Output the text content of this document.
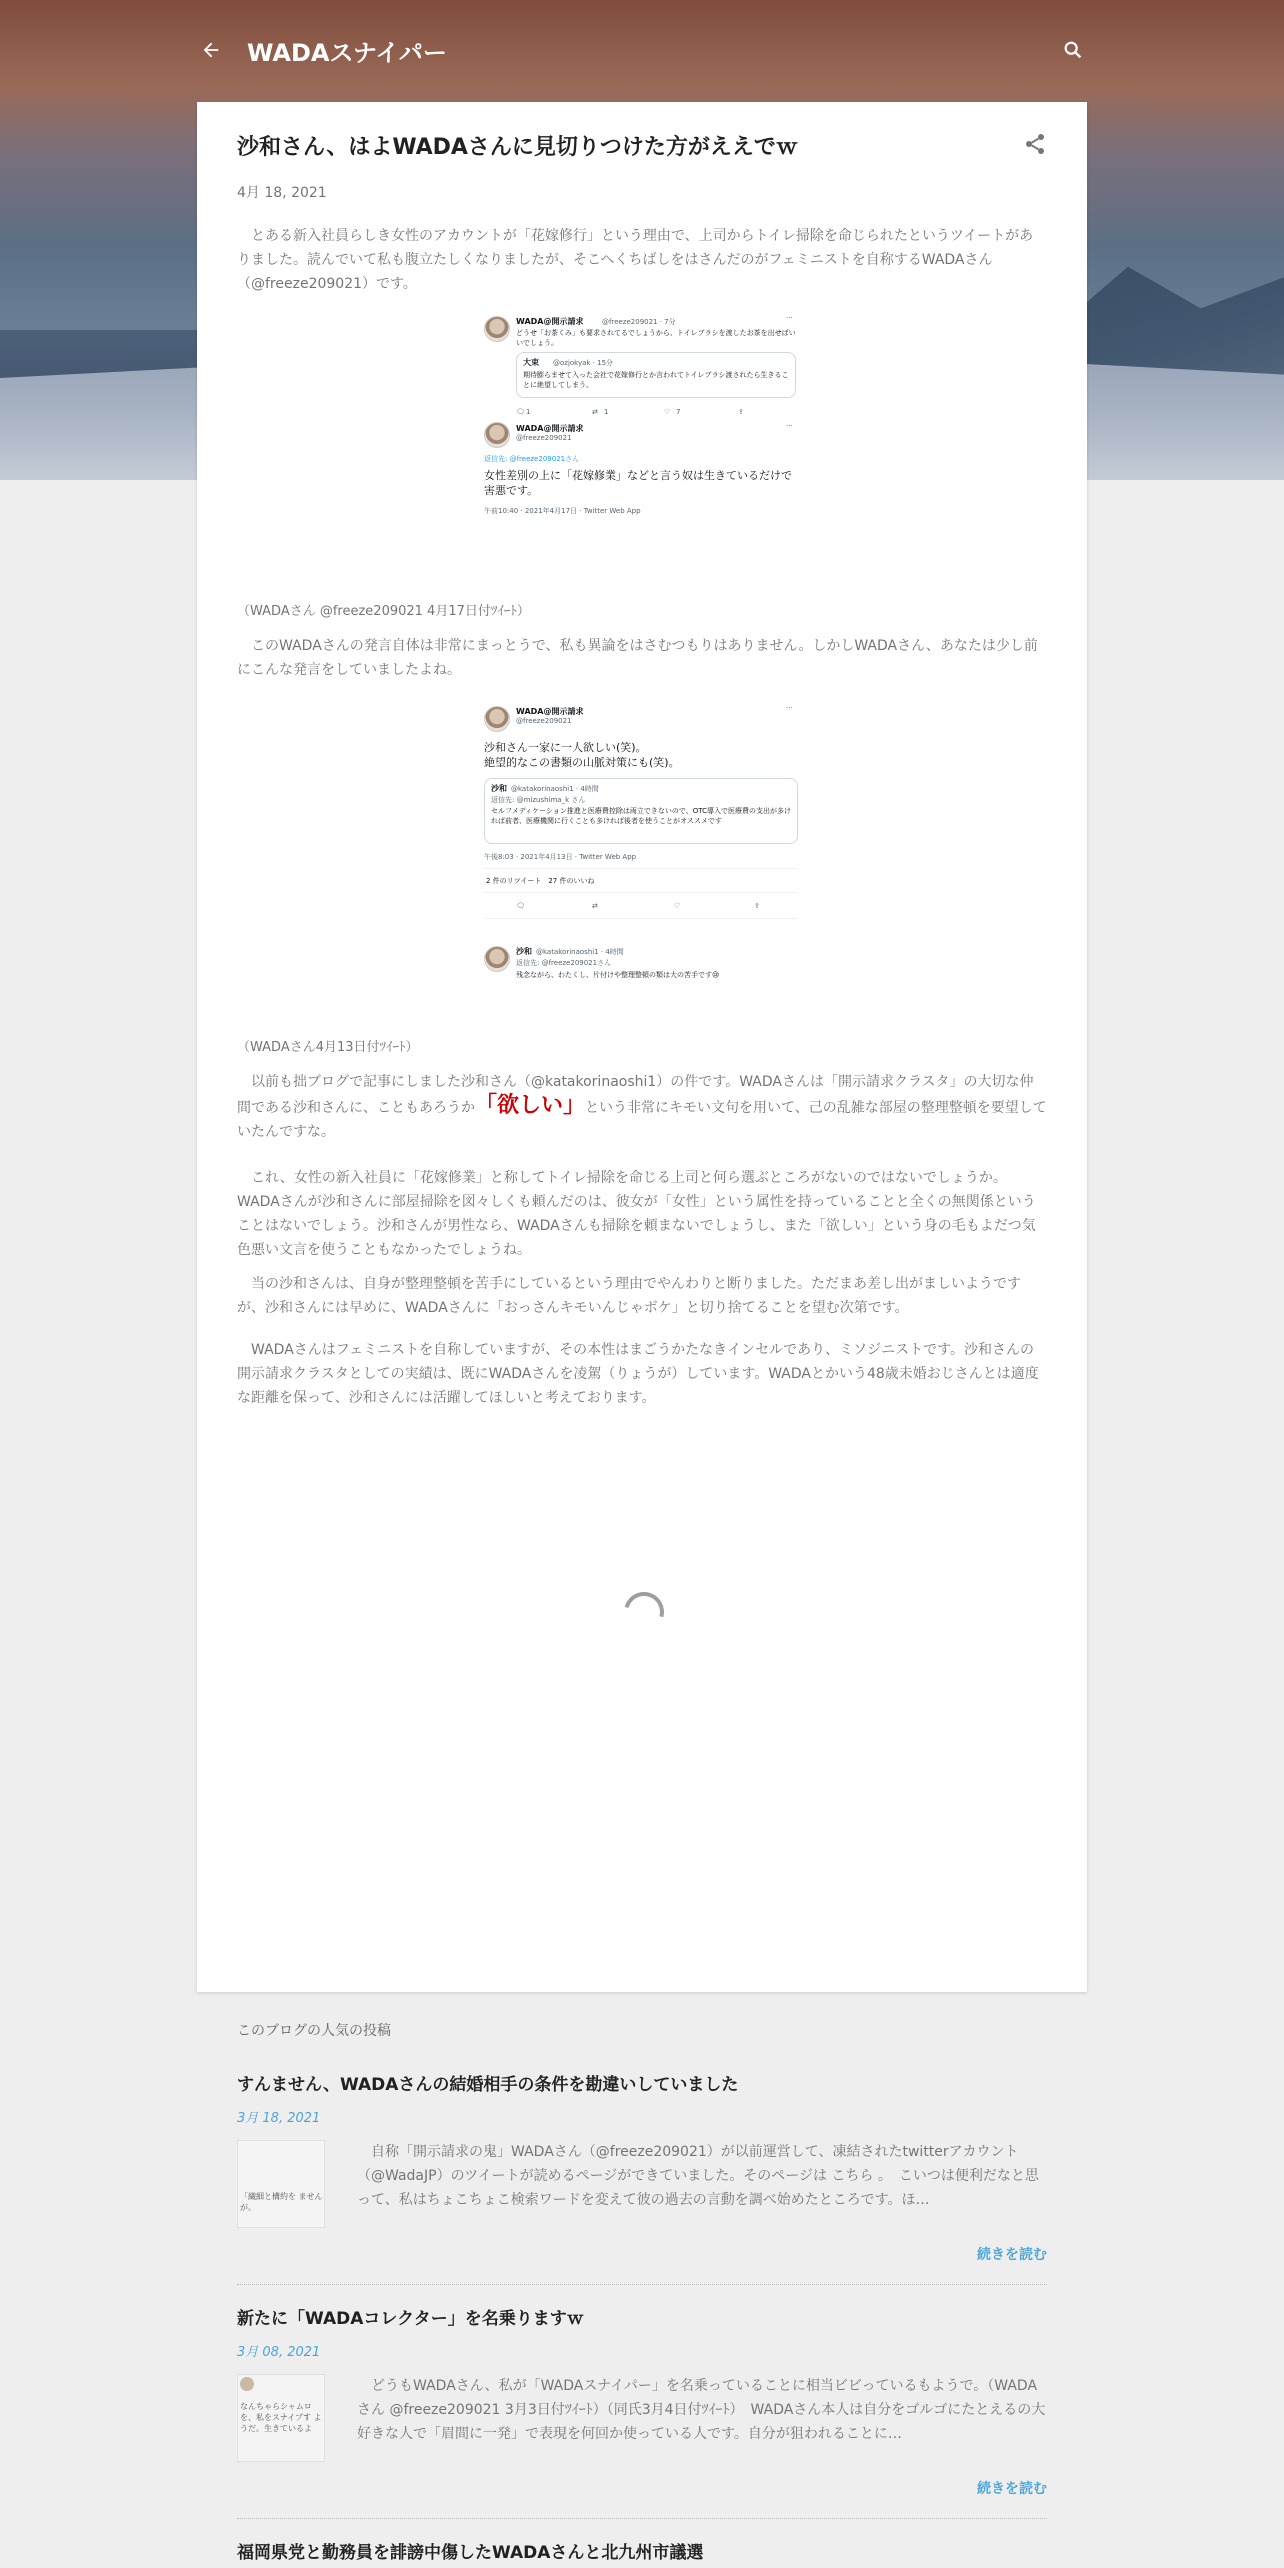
WADAスナイパー
沙和さん、はよWADAさんに見切りつけた方がええでｗ
4月 18, 2021
とある新入社員らしき女性のアカウントが「花嫁修行」という理由で、上司からトイレ掃除を命じられたというツイートがありました。読んでいて私も腹立たしくなりましたが、そこへくちばしをはさんだのがフェミニストを自称するWADAさん（@freeze209021）です。
WADA@開示請求	@freeze209021 · 7分	···
どうせ「お茶くみ」も要求されてるでしょうから、トイレブラシを渡したお茶を出せばいいでしょう。
大束 @ozjokyak · 15分
期待膨らませて入った会社で花嫁修行とか言われてトイレブラシ渡されたら生きることに絶望してしまう。
🗨 1	⇄ 1	♡ 7	⇪
WADA@開示請求
@freeze209021
···
返信先: @freeze209021さん
女性差別の上に「花嫁修業」などと言う奴は生きているだけで害悪です。
午前10:40 · 2021年4月17日 · Twitter Web App
（WADAさん @freeze209021 4月17日付ﾂｲｰﾄ）
このWADAさんの発言自体は非常にまっとうで、私も異論をはさむつもりはありません。しかしWADAさん、あなたは少し前にこんな発言をしていましたよね。
WADA@開示請求
@freeze209021
···
沙和さん一家に一人欲しい(笑)。
絶望的なこの書類の山脈対策にも(笑)。
沙和 @katakorinaoshi1 · 4時間
返信先: @mizushima_k さん
セルフメディケーション推進と医療費控除は両立できないので、OTC導入で医療費の支出が多ければ前者、医療機関に行くことも多ければ後者を使うことがオススメです
午後8:03 · 2021年4月13日 · Twitter Web App
2 件のリツイート　27 件のいいね
🗨	⇄	♡	⇪
沙和 @katakorinaoshi1 · 4時間
返信先: @freeze209021さん
残念ながら、わたくし、片付けや整理整頓の類は大の苦手です😢
（WADAさん4月13日付ﾂｲｰﾄ）
以前も拙ブログで記事にしました沙和さん（@katakorinaoshi1）の件です。WADAさんは「開示請求クラスタ」の大切な仲間である沙和さんに、こともあろうか「欲しい」という非常にキモい文句を用いて、己の乱雑な部屋の整理整頓を要望していたんですな。
これ、女性の新入社員に「花嫁修業」と称してトイレ掃除を命じる上司と何ら選ぶところがないのではないでしょうか。WADAさんが沙和さんに部屋掃除を図々しくも頼んだのは、彼女が「女性」という属性を持っていることと全くの無関係ということはないでしょう。沙和さんが男性なら、WADAさんも掃除を頼まないでしょうし、また「欲しい」という身の毛もよだつ気色悪い文言を使うこともなかったでしょうね。
当の沙和さんは、自身が整理整頓を苦手にしているという理由でやんわりと断りました。ただまあ差し出がましいようですが、沙和さんには早めに、WADAさんに「おっさんキモいんじゃボケ」と切り捨てることを望む次第です。
WADAさんはフェミニストを自称していますが、その本性はまごうかたなきインセルであり、ミソジニストです。沙和さんの開示請求クラスタとしての実績は、既にWADAさんを凌駕（りょうが）しています。WADAとかいう48歳未婚おじさんとは適度な距離を保って、沙和さんには活躍してほしいと考えております。
このブログの人気の投稿
すんません、WADAさんの結婚相手の条件を勘違いしていました
3月 18, 2021
「繊細と構約を ませんが。
自称「開示請求の鬼」WADAさん（@freeze209021）が以前運営して、凍結されたtwitterアカウント（@WadaJP）のツイートが読めるページができていました。そのページは こちら 。　こいつは便利だなと思って、私はちょこちょこ検索ワードを変えて彼の過去の言動を調べ始めたところです。ほ…
続きを読む
新たに「WADAコレクター」を名乗りますｗ
3月 08, 2021
なんちゃらシャムロ を、私をスナイプす ようだ。生きているよ
どうもWADAさん、私が「WADAスナイパー」を名乗っていることに相当ビビっているもようで。（WADAさん @freeze209021 3月3日付ﾂｲｰﾄ）（同氏3月4日付ﾂｲｰﾄ）　WADAさん本人は自分をゴルゴにたとえるの大好きな人で「眉間に一発」で表現を何回か使っている人です。自分が狙われることに…
続きを読む
福岡県党と勤務員を誹謗中傷したWADAさんと北九州市議選
